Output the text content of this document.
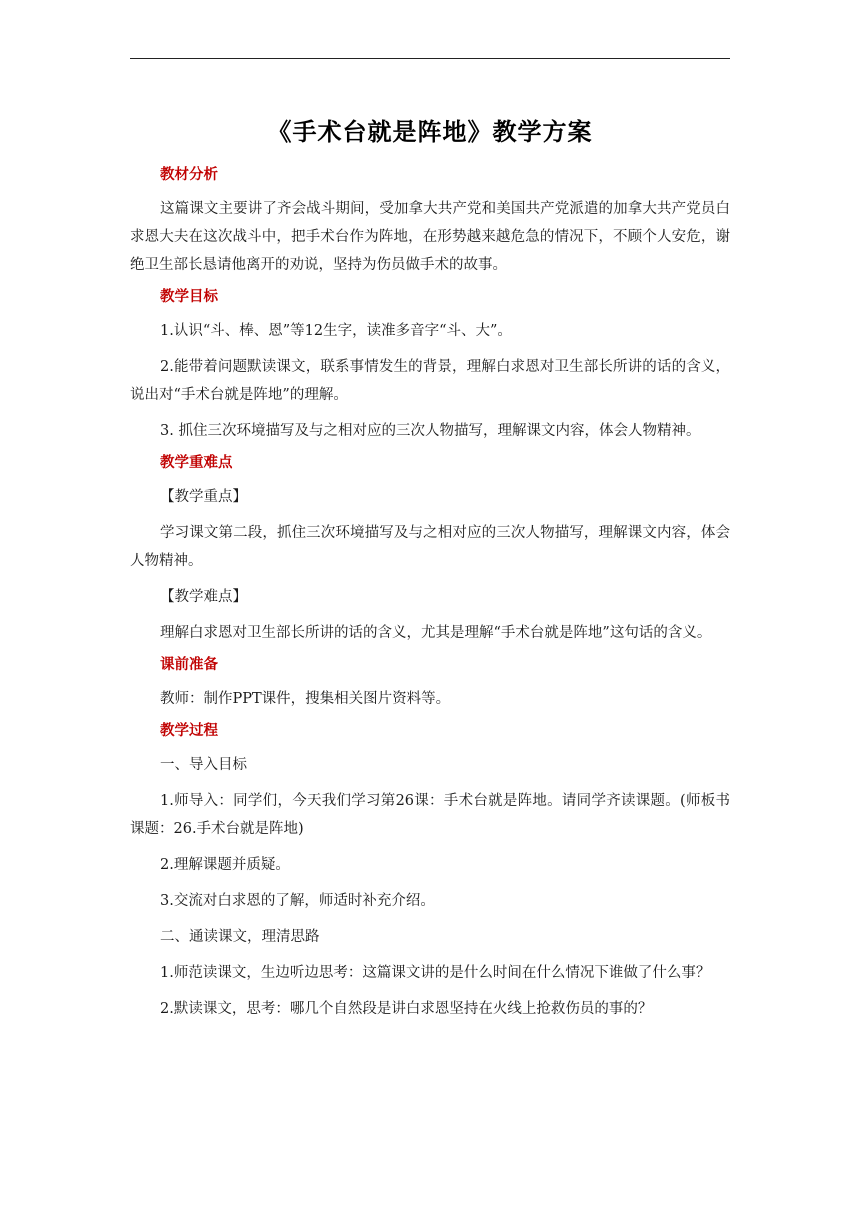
《手术台就是阵地》教学方案
教材分析

这篇课文主要讲了齐会战斗期间，受加拿大共产党和美国共产党派遣的加拿大共产党员白求恩大夫在这次战斗中，把手术台作为阵地，在形势越来越危急的情况下，不顾个人安危，谢绝卫生部长恳请他离开的劝说，坚持为伤员做手术的故事。

教学目标

1.认识“斗、棒、恩”等12生字，读准多音字“斗、大”。

2.能带着问题默读课文，联系事情发生的背景，理解白求恩对卫生部长所讲的话的含义，说出对“手术台就是阵地”的理解。

3. 抓住三次环境描写及与之相对应的三次人物描写，理解课文内容，体会人物精神。

教学重难点

【教学重点】

学习课文第二段，抓住三次环境描写及与之相对应的三次人物描写，理解课文内容，体会人物精神。

【教学难点】

理解白求恩对卫生部长所讲的话的含义，尤其是理解“手术台就是阵地”这句话的含义。

课前准备

教师：制作PPT课件，搜集相关图片资料等。

教学过程

一、导入目标

1.师导入：同学们，今天我们学习第26课：手术台就是阵地。请同学齐读课题。(师板书课题：26.手术台就是阵地)

2.理解课题并质疑。

3.交流对白求恩的了解，师适时补充介绍。

二、通读课文，理清思路

1.师范读课文，生边听边思考：这篇课文讲的是什么时间在什么情况下谁做了什么事？

2.默读课文，思考：哪几个自然段是讲白求恩坚持在火线上抢救伤员的事的？
